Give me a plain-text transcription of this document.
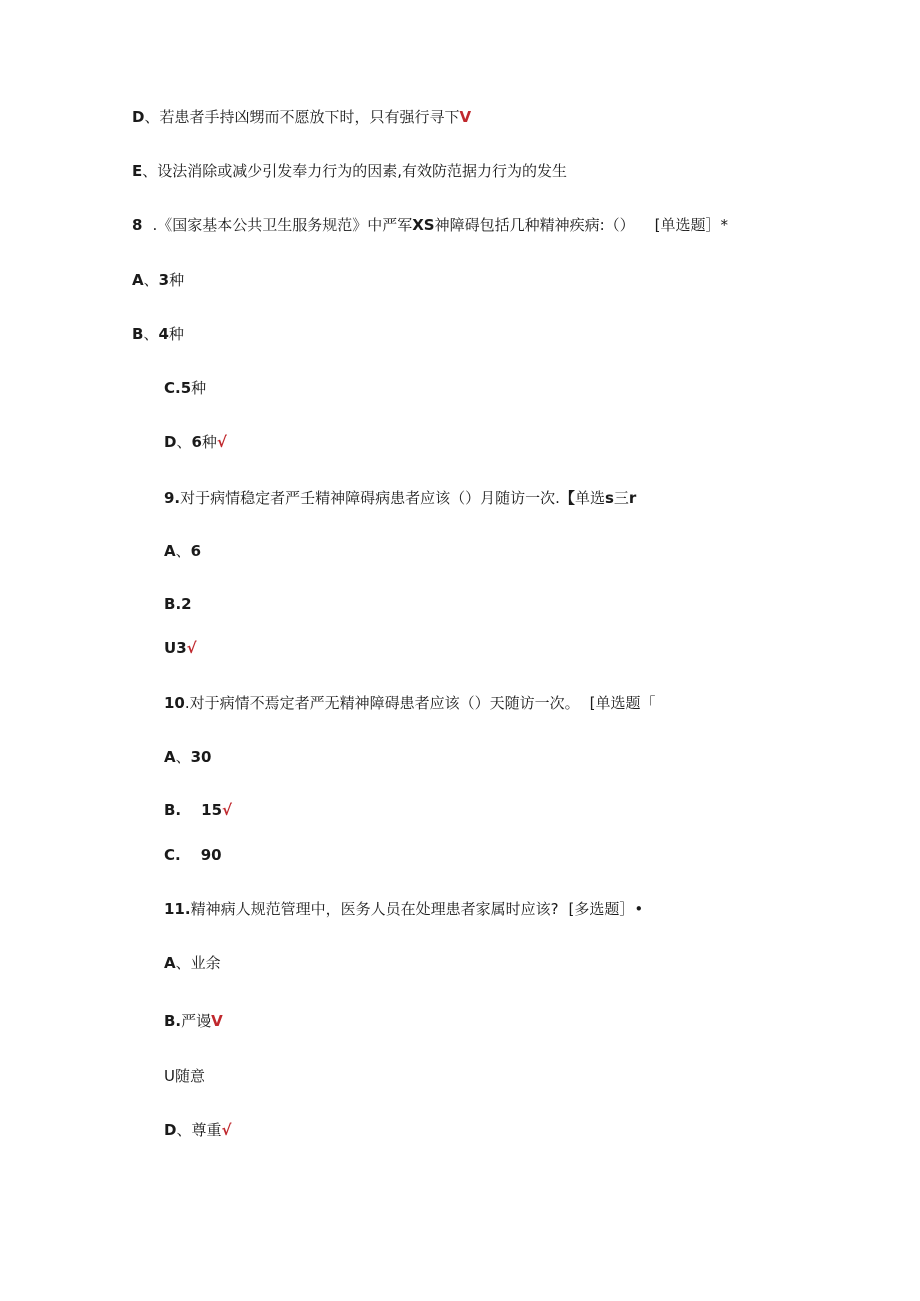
D、若患者手持凶甥而不愿放下时，只有强行寻下V
E、设法消除或减少引发奉力行为的因素,有效防范据力行为的发生
8 .《国家基本公共卫生服务规范》中严军XS神障碍包括几种精神疾病:（） [单选题］*
A、3种
B、4种
C.5种
D、6种√
9.对于病情稳定者严壬精神障碍病患者应该（）月随访一次.【单选s三r
A、6
B.2
U3√
10.对于病情不焉定者严无精神障碍患者应该（）天随访一次。 [单选题「
A、30
B. 15√
C. 90
11.精神病人规范管理中，医务人员在处理患者家属时应该? [多选题］•
A、业余
B.严谩V
U随意
D、尊重√
